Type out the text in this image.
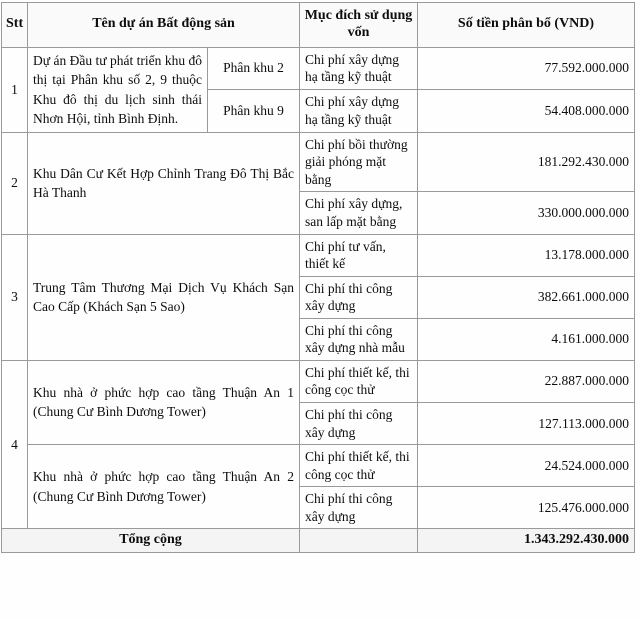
Stt	Tên dự án Bất động sản		Mục đích sử dụng vốn	Số tiền phân bổ (VND)
1	Dự án Đầu tư phát triển khu đô thị tại Phân khu số 2, 9 thuộc Khu đô thị du lịch sinh thái Nhơn Hội, tỉnh Bình Định.	Phân khu 2	Chi phí xây dựng hạ tầng kỹ thuật	77.592.000.000
		Phân khu 9	Chi phí xây dựng hạ tầng kỹ thuật	54.408.000.000
2	Khu Dân Cư Kết Hợp Chỉnh Trang Đô Thị Bắc Hà Thanh		Chi phí bồi thường giải phóng mặt bằng	181.292.430.000
			Chi phí xây dựng, san lấp mặt bằng	330.000.000.000
3	Trung Tâm Thương Mại Dịch Vụ Khách Sạn Cao Cấp (Khách Sạn 5 Sao)		Chi phí tư vấn, thiết kế	13.178.000.000
			Chi phí thi công xây dựng	382.661.000.000
			Chi phí thi công xây dựng nhà mẫu	4.161.000.000
4	Khu nhà ở phức hợp cao tầng Thuận An 1 (Chung Cư Bình Dương Tower)		Chi phí thiết kế, thi công cọc thử	22.887.000.000
			Chi phí thi công xây dựng	127.113.000.000
	Khu nhà ở phức hợp cao tầng Thuận An 2 (Chung Cư Bình Dương Tower)		Chi phí thiết kế, thi công cọc thử	24.524.000.000
			Chi phí thi công xây dựng	125.476.000.000
Tổng cộng				1.343.292.430.000
